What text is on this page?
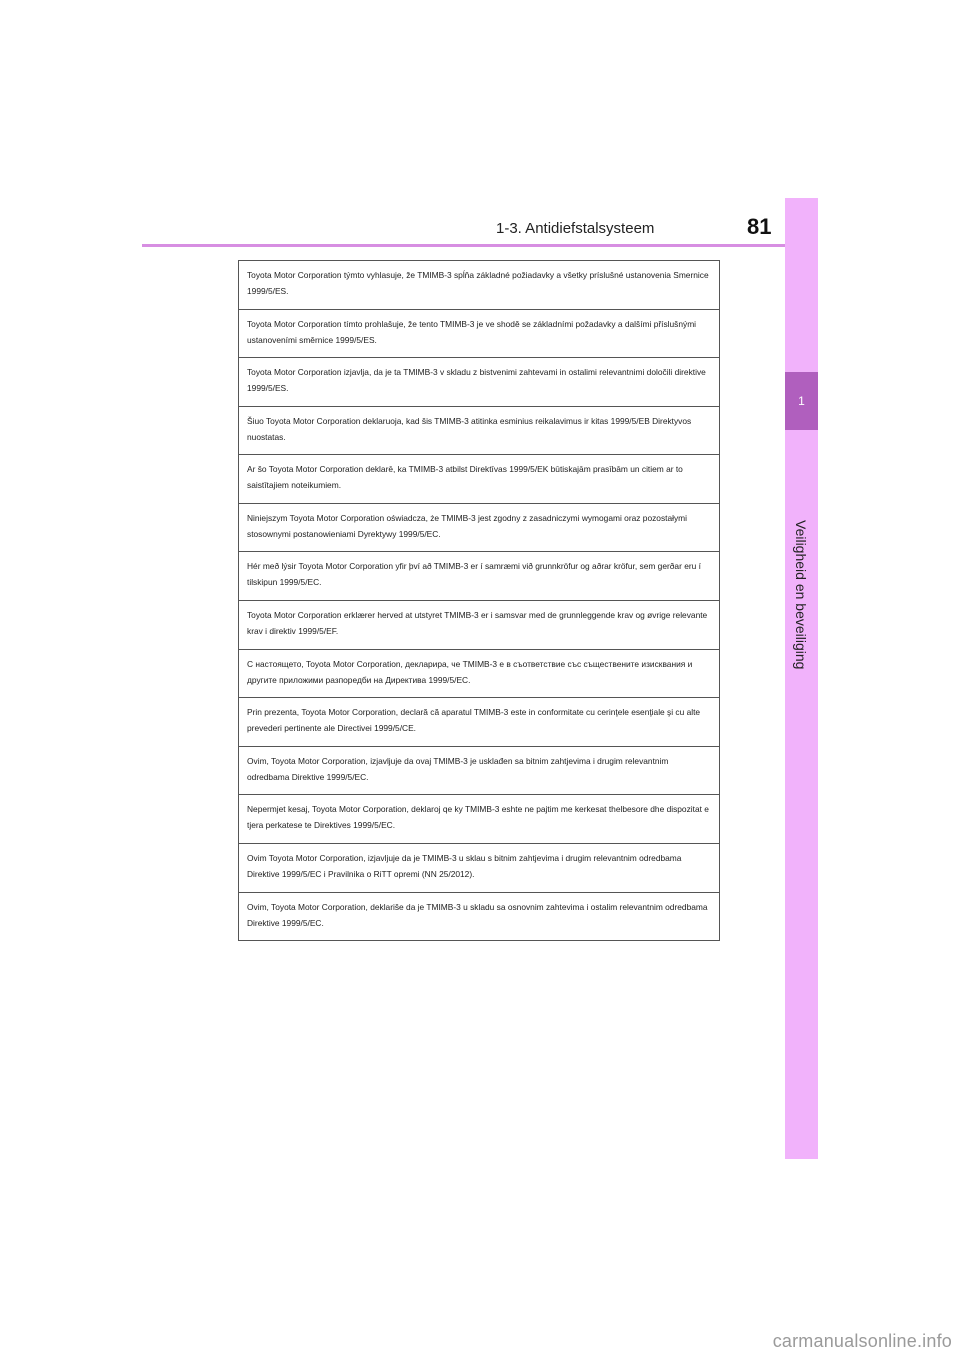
1-3. Antidiefstalsysteem	81
1
Veiligheid en beveiliging
Toyota Motor Corporation týmto vyhlasuje, že TMIMB-3 spĺňa základné požiadavky a všetky príslušné ustanovenia Smernice 1999/5/ES.
Toyota Motor Corporation tímto prohlašuje, že tento TMIMB-3 je ve shodě se základními požadavky a dalšími příslušnými ustanoveními směrnice 1999/5/ES.
Toyota Motor Corporation izjavlja, da je ta TMIMB-3 v skladu z bistvenimi zahtevami in ostalimi relevantnimi določili direktive 1999/5/ES.
Šiuo Toyota Motor Corporation deklaruoja, kad šis TMIMB-3 atitinka esminius reikalavimus ir kitas 1999/5/EB Direktyvos nuostatas.
Ar šo Toyota Motor Corporation deklarē, ka TMIMB-3 atbilst Direktīvas 1999/5/EK būtiskajām prasībām un citiem ar to saistītajiem noteikumiem.
Niniejszym Toyota Motor Corporation oświadcza, że TMIMB-3 jest zgodny z zasadniczymi wymogami oraz pozostałymi stosownymi postanowieniami Dyrektywy 1999/5/EC.
Hér með lýsir Toyota Motor Corporation yfir því að TMIMB-3 er í samræmi við grunnkröfur og aðrar kröfur, sem gerðar eru í tilskipun 1999/5/EC.
Toyota Motor Corporation erklærer herved at utstyret TMIMB-3 er i samsvar med de grunnleggende krav og øvrige relevante krav i direktiv 1999/5/EF.
С настоящето, Toyota Motor Corporation, декларира, че TMIMB-3 е в съответствие със съществените изисквания и другите приложими разпоредби на Директива 1999/5/EC.
Prin prezenta, Toyota Motor Corporation, declară că aparatul TMIMB-3 este in conformitate cu cerinţele esenţiale şi cu alte prevederi pertinente ale Directivei 1999/5/CE.
Ovim, Toyota Motor Corporation, izjavljuje da ovaj TMIMB-3 je usklađen sa bitnim zahtjevima i drugim relevantnim odredbama Direktive 1999/5/EC.
Nepermjet kesaj, Toyota Motor Corporation, deklaroj qe ky TMIMB-3 eshte ne pajtim me kerkesat thelbesore dhe dispozitat e tjera perkatese te Direktives 1999/5/EC.
Ovim Toyota Motor Corporation, izjavljuje da je TMIMB-3 u sklau s bitnim zahtjevima i drugim relevantnim odredbama Direktive 1999/5/EC i Pravilnika o RiTT opremi (NN 25/2012).
Ovim, Toyota Motor Corporation, deklariše da je TMIMB-3 u skladu sa osnovnim zahtevima i ostalim relevantnim odredbama Direktive 1999/5/EC.
carmanualsonline.info
